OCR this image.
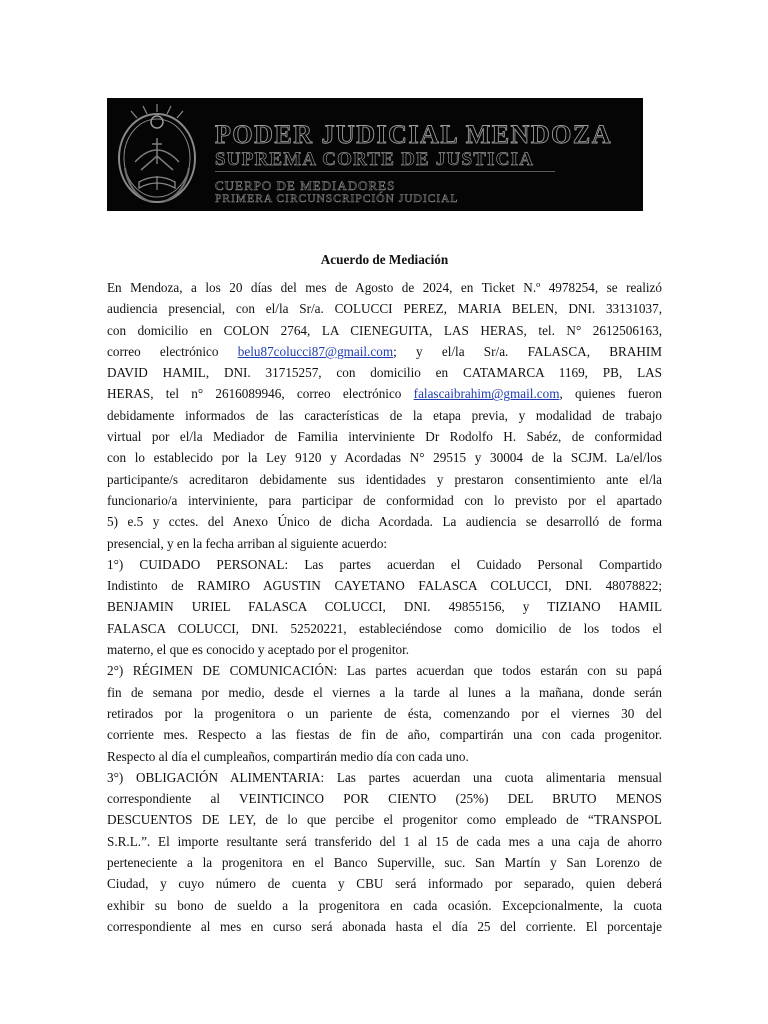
PODER JUDICIAL MENDOZA
SUPREMA CORTE DE JUSTICIA
CUERPO DE MEDIADORES
PRIMERA CIRCUNSCRIPCIÓN JUDICIAL
Acuerdo de Mediación
En Mendoza, a los 20 días del mes de Agosto de 2024, en Ticket N.º 4978254, se realizó
audiencia presencial, con el/la Sr/a. COLUCCI PEREZ, MARIA BELEN, DNI. 33131037,
con domicilio en COLON 2764, LA CIENEGUITA, LAS HERAS, tel. N° 2612506163,
correo electrónico belu87colucci87@gmail.com; y el/la Sr/a. FALASCA, BRAHIM
DAVID HAMIL, DNI. 31715257, con domicilio en CATAMARCA 1169, PB, LAS
HERAS, tel n° 2616089946, correo electrónico falascaibrahim@gmail.com, quienes fueron
debidamente informados de las características de la etapa previa, y modalidad de trabajo
virtual por el/la Mediador de Familia interviniente Dr Rodolfo H. Sabéz, de conformidad
con lo establecido por la Ley 9120 y Acordadas N° 29515 y 30004 de la SCJM. La/el/los
participante/s acreditaron debidamente sus identidades y prestaron consentimiento ante el/la
funcionario/a interviniente, para participar de conformidad con lo previsto por el apartado
5) e.5 y cctes. del Anexo Único de dicha Acordada. La audiencia se desarrolló de forma
presencial, y en la fecha arriban al siguiente acuerdo:
1°) CUIDADO PERSONAL: Las partes acuerdan el Cuidado Personal Compartido
Indistinto de RAMIRO AGUSTIN CAYETANO FALASCA COLUCCI, DNI. 48078822;
BENJAMIN URIEL FALASCA COLUCCI, DNI. 49855156, y TIZIANO HAMIL
FALASCA COLUCCI, DNI. 52520221, estableciéndose como domicilio de los todos el
materno, el que es conocido y aceptado por el progenitor.
2°) RÉGIMEN DE COMUNICACIÓN: Las partes acuerdan que todos estarán con su papá
fin de semana por medio, desde el viernes a la tarde al lunes a la mañana, donde serán
retirados por la progenitora o un pariente de ésta, comenzando por el viernes 30 del
corriente mes. Respecto a las fiestas de fin de año, compartirán una con cada progenitor.
Respecto al día el cumpleaños, compartirán medio día con cada uno.
3°) OBLIGACIÓN ALIMENTARIA: Las partes acuerdan una cuota alimentaria mensual
correspondiente al VEINTICINCO POR CIENTO (25%) DEL BRUTO MENOS
DESCUENTOS DE LEY, de lo que percibe el progenitor como empleado de “TRANSPOL
S.R.L.”. El importe resultante será transferido del 1 al 15 de cada mes a una caja de ahorro
perteneciente a la progenitora en el Banco Superville, suc. San Martín y San Lorenzo de
Ciudad, y cuyo número de cuenta y CBU será informado por separado, quien deberá
exhibir su bono de sueldo a la progenitora en cada ocasión. Excepcionalmente, la cuota
correspondiente al mes en curso será abonada hasta el día 25 del corriente. El porcentaje
